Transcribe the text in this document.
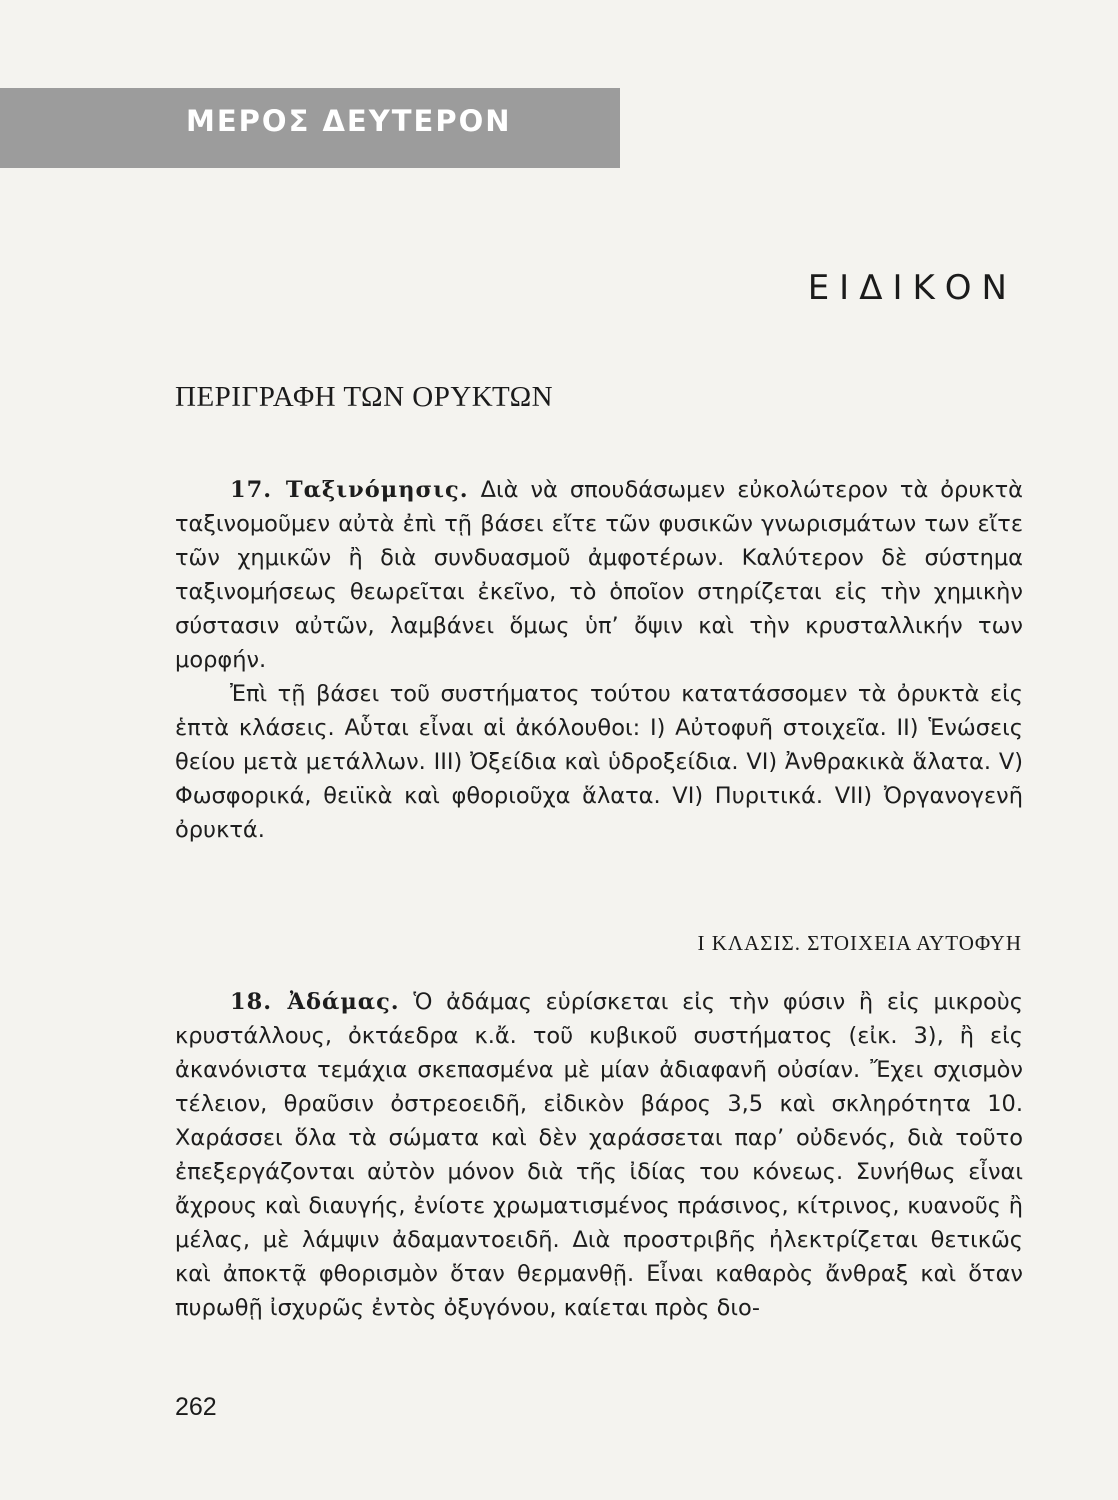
ΜΕΡΟΣ ΔΕΥΤΕΡΟΝ
ΕΙΔΙΚΟΝ
ΠΕΡΙΓΡΑΦΗ ΤΩΝ ΟΡΥΚΤΩΝ

17. Ταξινόμησις. Διὰ νὰ σπουδάσωμεν εὐκολώτερον τὰ ὀρυκτὰ ταξινομοῦμεν αὐτὰ ἐπὶ τῇ βάσει εἴτε τῶν φυσικῶν γνωρισμάτων των εἴτε τῶν χημικῶν ἢ διὰ συνδυασμοῦ ἀμφοτέρων. Καλύτερον δὲ σύστημα ταξινομήσεως θεωρεῖται ἐκεῖνο, τὸ ὁποῖον στηρίζεται εἰς τὴν χημικὴν σύστασιν αὐτῶν, λαμβάνει ὅμως ὑπ’ ὄψιν καὶ τὴν κρυσταλλικήν των μορφήν.

Ἐπὶ τῇ βάσει τοῦ συστήματος τούτου κατατάσσομεν τὰ ὀρυκτὰ εἰς ἑπτὰ κλάσεις. Αὗται εἶναι αἱ ἀκόλουθοι: I) Αὐτοφυῆ στοιχεῖα. II) Ἑνώσεις θείου μετὰ μετάλλων. III) Ὀξείδια καὶ ὑδροξείδια. VI) Ἀνθρακικὰ ἅλατα. V) Φωσφορικά, θειϊκὰ καὶ φθοριοῦχα ἅλατα. VI) Πυριτικά. VII) Ὀργανογενῆ ὀρυκτά.

I ΚΛΑΣΙΣ. ΣΤΟΙΧΕΙΑ ΑΥΤΟΦΥΗ

18. Ἀδάμας. Ὁ ἀδάμας εὑρίσκεται εἰς τὴν φύσιν ἢ εἰς μικροὺς κρυστάλλους, ὀκτάεδρα κ.ἄ. τοῦ κυβικοῦ συστήματος (εἰκ. 3), ἢ εἰς ἀκανόνιστα τεμάχια σκεπασμένα μὲ μίαν ἀδιαφανῆ οὐσίαν. Ἔχει σχισμὸν τέλειον, θραῦσιν ὀστρεοειδῆ, εἰδικὸν βάρος 3,5 καὶ σκληρότητα 10. Χαράσσει ὅλα τὰ σώματα καὶ δὲν χαράσσεται παρ’ οὐδενός, διὰ τοῦτο ἐπεξεργάζονται αὐτὸν μόνον διὰ τῆς ἰδίας του κόνεως. Συνήθως εἶναι ἄχρους καὶ διαυγής, ἐνίοτε χρωματισμένος πράσινος, κίτρινος, κυανοῦς ἢ μέλας, μὲ λάμψιν ἀδαμαντοειδῆ. Διὰ προστριβῆς ἠλεκτρίζεται θετικῶς καὶ ἀποκτᾷ φθορισμὸν ὅταν θερμανθῇ. Εἶναι καθαρὸς ἄνθραξ καὶ ὅταν πυρωθῇ ἰσχυρῶς ἐντὸς ὀξυγόνου, καίεται πρὸς διο-

262
